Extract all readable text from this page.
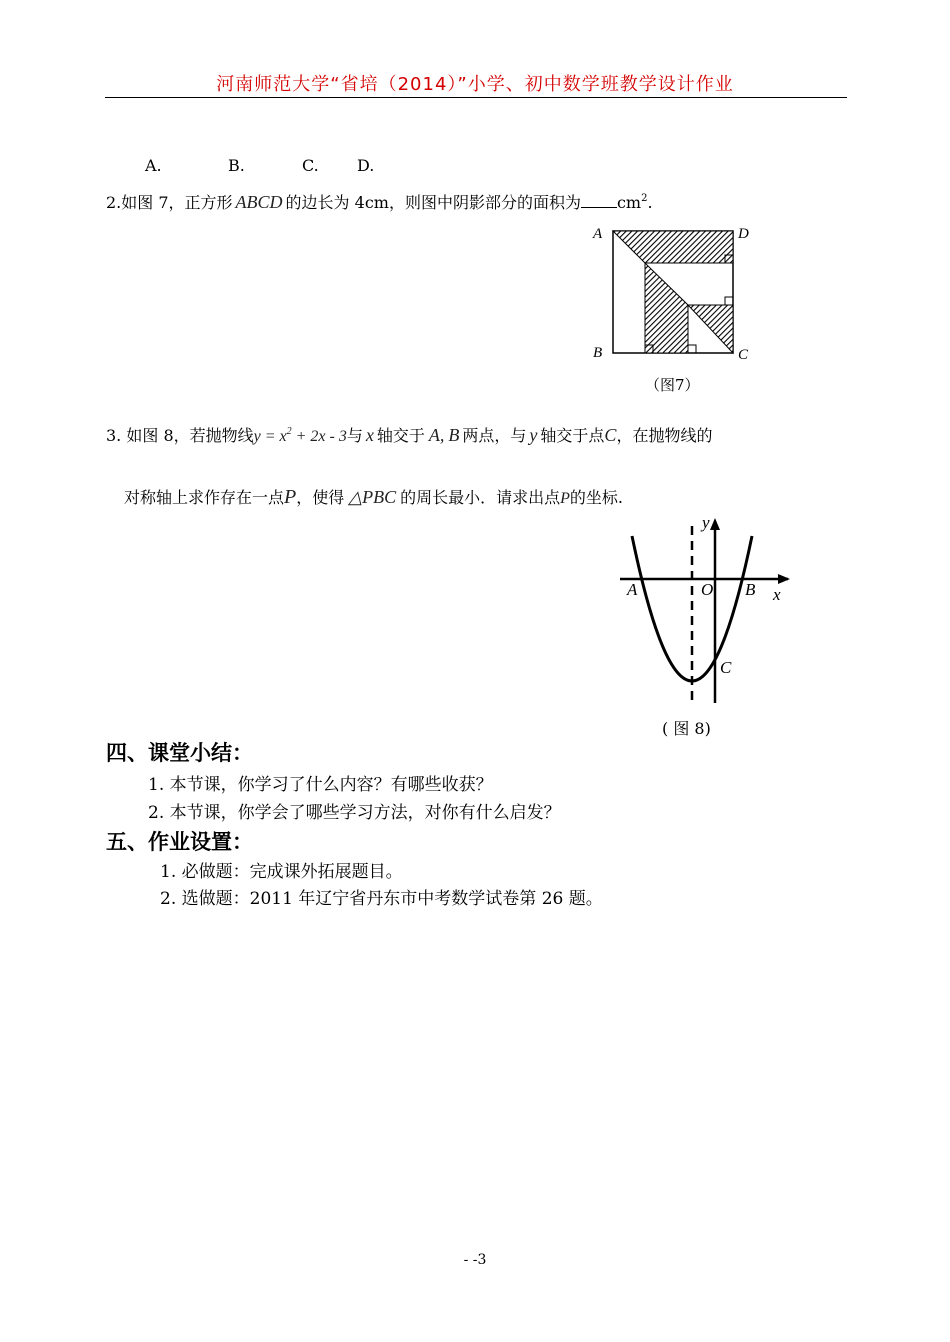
河南师范大学“省培（2014）”小学、初中数学班教学设计作业
A.	B.	C. D.
2.如图 7，正方形 ABCD 的边长为 4cm，则图中阴影部分的面积为 $cm^2$.
A	D
B	C
（图7）
3. 如图 8，若抛物线$y = x^2 + 2x - 3$与 x 轴交于 A, B 两点，与 y 轴交于点C，在抛物线的
对称轴上求作存在一点P，使得 △PBC 的周长最小．请求出点P的坐标.
y
x
A	O B
C
( 图 8)
四、课堂小结：
1. 本节课，你学习了什么内容？有哪些收获？
2. 本节课，你学会了哪些学习方法，对你有什么启发？
五、作业设置：
1. 必做题：完成课外拓展题目。
2. 选做题：2011 年辽宁省丹东市中考数学试卷第 26 题。
- -3
